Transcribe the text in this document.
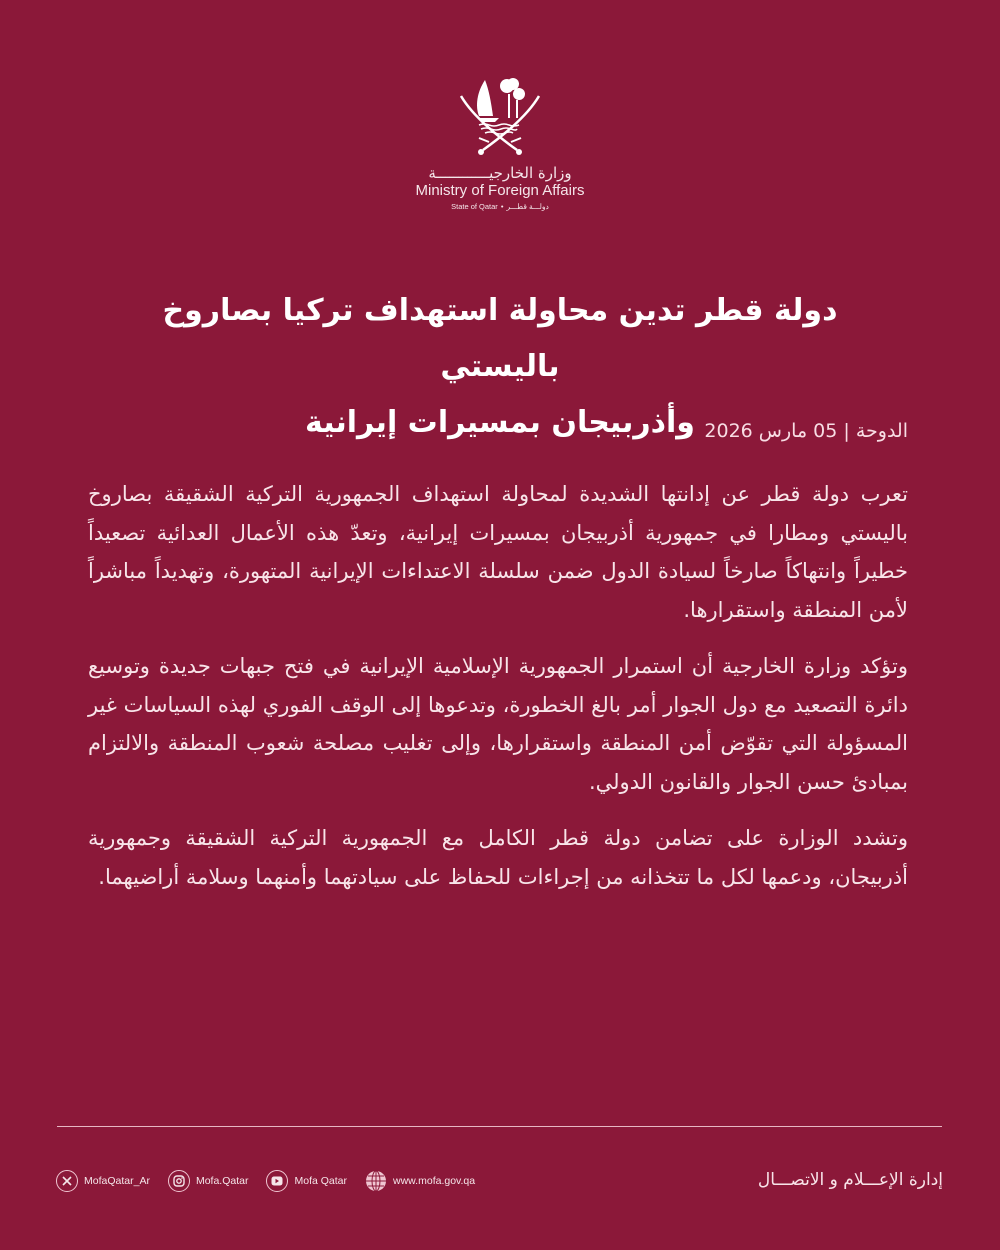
وزارة الخارجيــــــــــــة
Ministry of Foreign Affairs
State of Qatar • دولـــة قطـــر
دولة قطر تدين محاولة استهداف تركيا بصاروخ باليستي
وأذربيجان بمسيرات إيرانية الدوحة | 05 مارس 2026

تعرب دولة قطر عن إدانتها الشديدة لمحاولة استهداف الجمهورية التركية الشقيقة بصاروخ باليستي ومطارا في جمهورية أذربيجان بمسيرات إيرانية، وتعدّ هذه الأعمال العدائية تصعيداً خطيراً وانتهاكاً صارخاً لسيادة الدول ضمن سلسلة الاعتداءات الإيرانية المتهورة، وتهديداً مباشراً لأمن المنطقة واستقرارها.

وتؤكد وزارة الخارجية أن استمرار الجمهورية الإسلامية الإيرانية في فتح جبهات جديدة وتوسيع دائرة التصعيد مع دول الجوار أمر بالغ الخطورة، وتدعوها إلى الوقف الفوري لهذه السياسات غير المسؤولة التي تقوّض أمن المنطقة واستقرارها، وإلى تغليب مصلحة شعوب المنطقة والالتزام بمبادئ حسن الجوار والقانون الدولي.

وتشدد الوزارة على تضامن دولة قطر الكامل مع الجمهورية التركية الشقيقة وجمهورية أذربيجان، ودعمها لكل ما تتخذانه من إجراءات للحفاظ على سيادتهما وأمنهما وسلامة أراضيهما.

MofaQatar_Ar	Mofa.Qatar	Mofa Qatar	www.mofa.gov.qa	إدارة الإعـــلام و الاتصـــال
